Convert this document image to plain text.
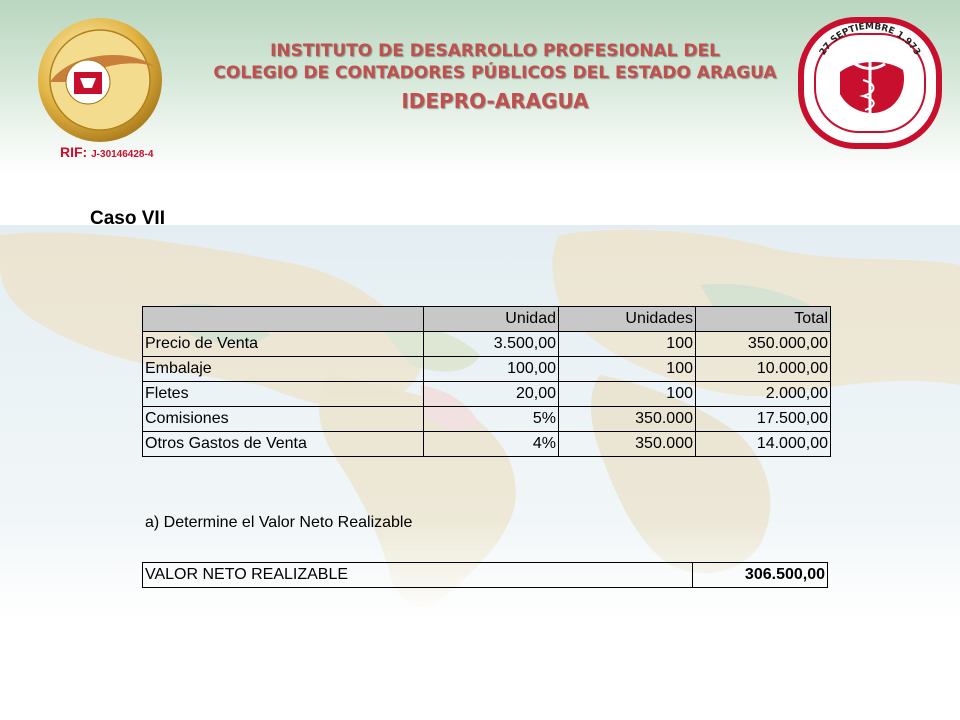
RIF: J-30146428-4
INSTITUTO DE DESARROLLO PROFESIONAL DEL
COLEGIO DE CONTADORES PÚBLICOS DEL ESTADO ARAGUA
IDEPRO-ARAGUA
27 SEPTIEMBRE 1.973
Caso VII
	Unidad	Unidades	Total
Precio de Venta	3.500,00	100	350.000,00
Embalaje	100,00	100	10.000,00
Fletes	20,00	100	2.000,00
Comisiones	5%	350.000	17.500,00
Otros Gastos de Venta	4%	350.000	14.000,00
a) Determine el Valor Neto Realizable
VALOR NETO REALIZABLE	306.500,00
